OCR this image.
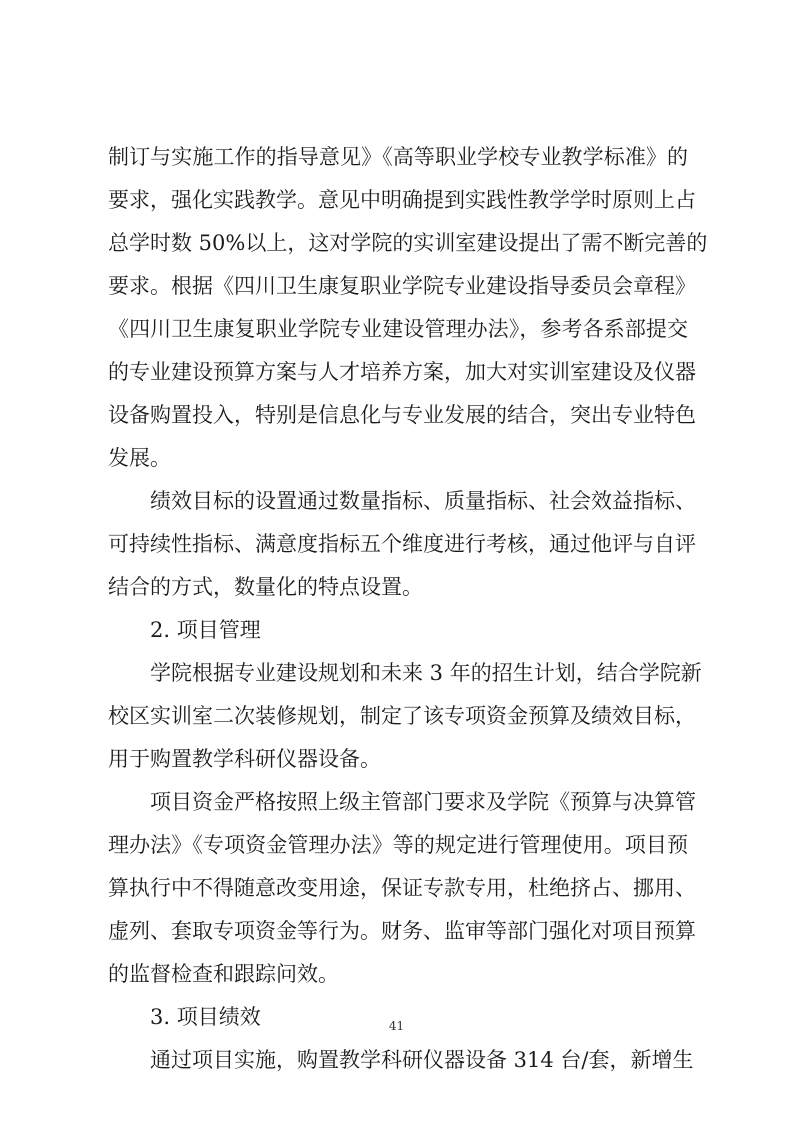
制订与实施工作的指导意见》《高等职业学校专业教学标准》的
要求，强化实践教学。意见中明确提到实践性教学学时原则上占
总学时数 50%以上，这对学院的实训室建设提出了需不断完善的
要求。根据《四川卫生康复职业学院专业建设指导委员会章程》
《四川卫生康复职业学院专业建设管理办法》，参考各系部提交
的专业建设预算方案与人才培养方案，加大对实训室建设及仪器
设备购置投入，特别是信息化与专业发展的结合，突出专业特色
发展。
绩效目标的设置通过数量指标、质量指标、社会效益指标、
可持续性指标、满意度指标五个维度进行考核，通过他评与自评
结合的方式，数量化的特点设置。
2. 项目管理
学院根据专业建设规划和未来 3 年的招生计划，结合学院新
校区实训室二次装修规划，制定了该专项资金预算及绩效目标，
用于购置教学科研仪器设备。
项目资金严格按照上级主管部门要求及学院《预算与决算管
理办法》《专项资金管理办法》等的规定进行管理使用。项目预
算执行中不得随意改变用途，保证专款专用，杜绝挤占、挪用、
虚列、套取专项资金等行为。财务、监审等部门强化对项目预算
的监督检查和跟踪问效。
3. 项目绩效
通过项目实施，购置教学科研仪器设备 314 台/套，新增生
41
